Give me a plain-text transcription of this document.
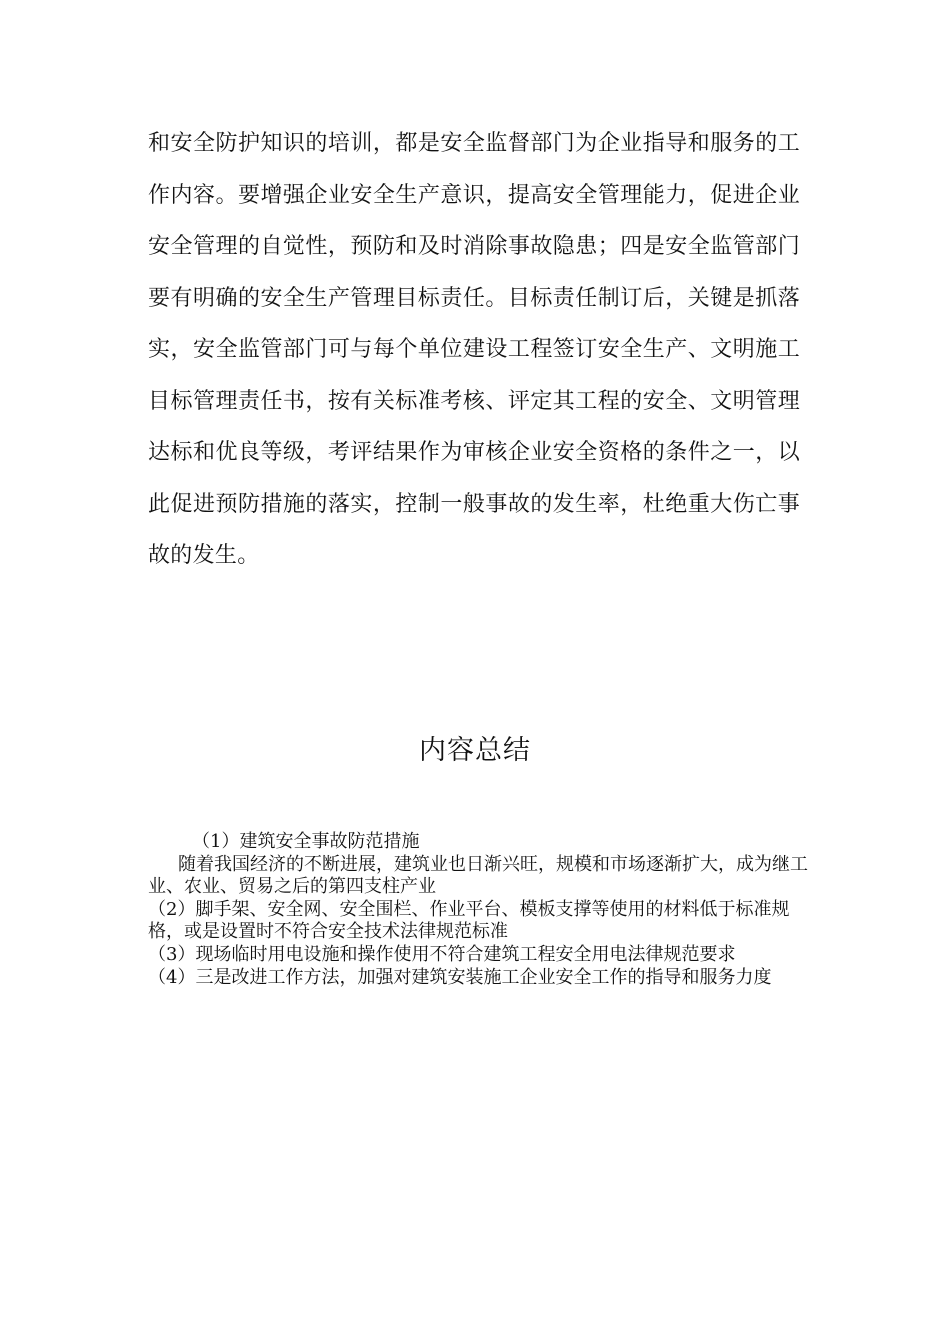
和安全防护知识的培训，都是安全监督部门为企业指导和服务的工作内容。要增强企业安全生产意识，提高安全管理能力，促进企业安全管理的自觉性，预防和及时消除事故隐患；四是安全监管部门要有明确的安全生产管理目标责任。目标责任制订后，关键是抓落实，安全监管部门可与每个单位建设工程签订安全生产、文明施工目标管理责任书，按有关标准考核、评定其工程的安全、文明管理达标和优良等级，考评结果作为审核企业安全资格的条件之一，以此促进预防措施的落实，控制一般事故的发生率，杜绝重大伤亡事故的发生。

内容总结

（1）建筑安全事故防范措施

随着我国经济的不断进展，建筑业也日渐兴旺，规模和市场逐渐扩大，成为继工业、农业、贸易之后的第四支柱产业

（2）脚手架、安全网、安全围栏、作业平台、模板支撑等使用的材料低于标准规格，或是设置时不符合安全技术法律规范标准

（3）现场临时用电设施和操作使用不符合建筑工程安全用电法律规范要求

（4）三是改进工作方法，加强对建筑安装施工企业安全工作的指导和服务力度
